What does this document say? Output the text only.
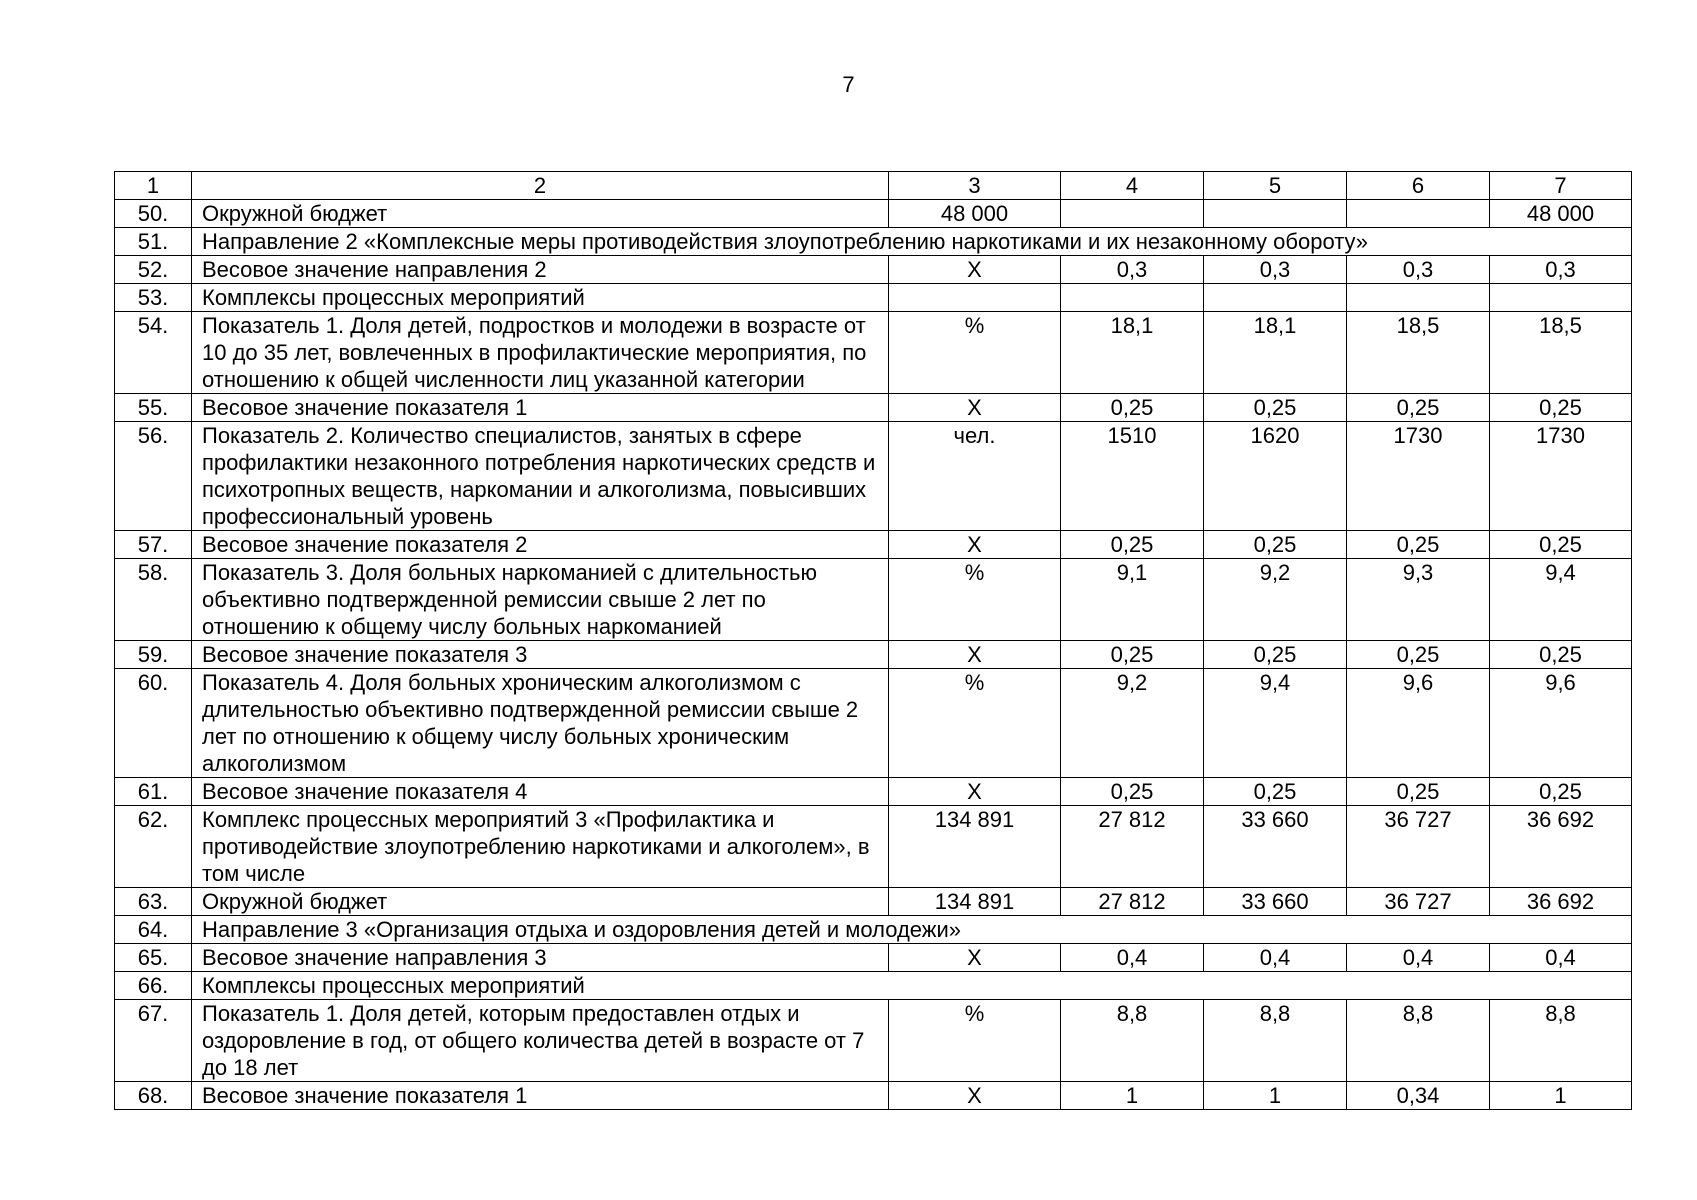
7
1	2	3	4	5	6	7
50.	Окружной бюджет	48 000				48 000
51.	Направление 2 «Комплексные меры противодействия злоупотреблению наркотиками и их незаконному обороту»					
52.	Весовое значение направления 2	Х	0,3	0,3	0,3	0,3
53.	Комплексы процессных мероприятий					
54.	Показатель 1. Доля детей, подростков и молодежи в возрасте от 10 до 35 лет, вовлеченных в профилактические мероприятия, по отношению к общей численности лиц указанной категории	%	18,1	18,1	18,5	18,5
55.	Весовое значение показателя 1	Х	0,25	0,25	0,25	0,25
56.	Показатель 2. Количество специалистов, занятых в сфере профилактики незаконного потребления наркотических средств и психотропных веществ, наркомании и алкоголизма, повысивших профессиональный уровень	чел.	1510	1620	1730	1730
57.	Весовое значение показателя 2	Х	0,25	0,25	0,25	0,25
58.	Показатель 3. Доля больных наркоманией с длительностью объективно подтвержденной ремиссии свыше 2 лет по отношению к общему числу больных наркоманией	%	9,1	9,2	9,3	9,4
59.	Весовое значение показателя 3	Х	0,25	0,25	0,25	0,25
60.	Показатель 4. Доля больных хроническим алкоголизмом с длительностью объективно подтвержденной ремиссии свыше 2 лет по отношению к общему числу больных хроническим алкоголизмом	%	9,2	9,4	9,6	9,6
61.	Весовое значение показателя 4	Х	0,25	0,25	0,25	0,25
62.	Комплекс процессных мероприятий 3 «Профилактика и противодействие злоупотреблению наркотиками и алкоголем», в том числе	134 891	27 812	33 660	36 727	36 692
63.	Окружной бюджет	134 891	27 812	33 660	36 727	36 692
64.	Направление 3 «Организация отдыха и оздоровления детей и молодежи»					
65.	Весовое значение направления 3	Х	0,4	0,4	0,4	0,4
66.	Комплексы процессных мероприятий					
67.	Показатель 1. Доля детей, которым предоставлен отдых и оздоровление в год, от общего количества детей в возрасте от 7 до 18 лет	%	8,8	8,8	8,8	8,8
68.	Весовое значение показателя 1	Х	1	1	0,34	1
